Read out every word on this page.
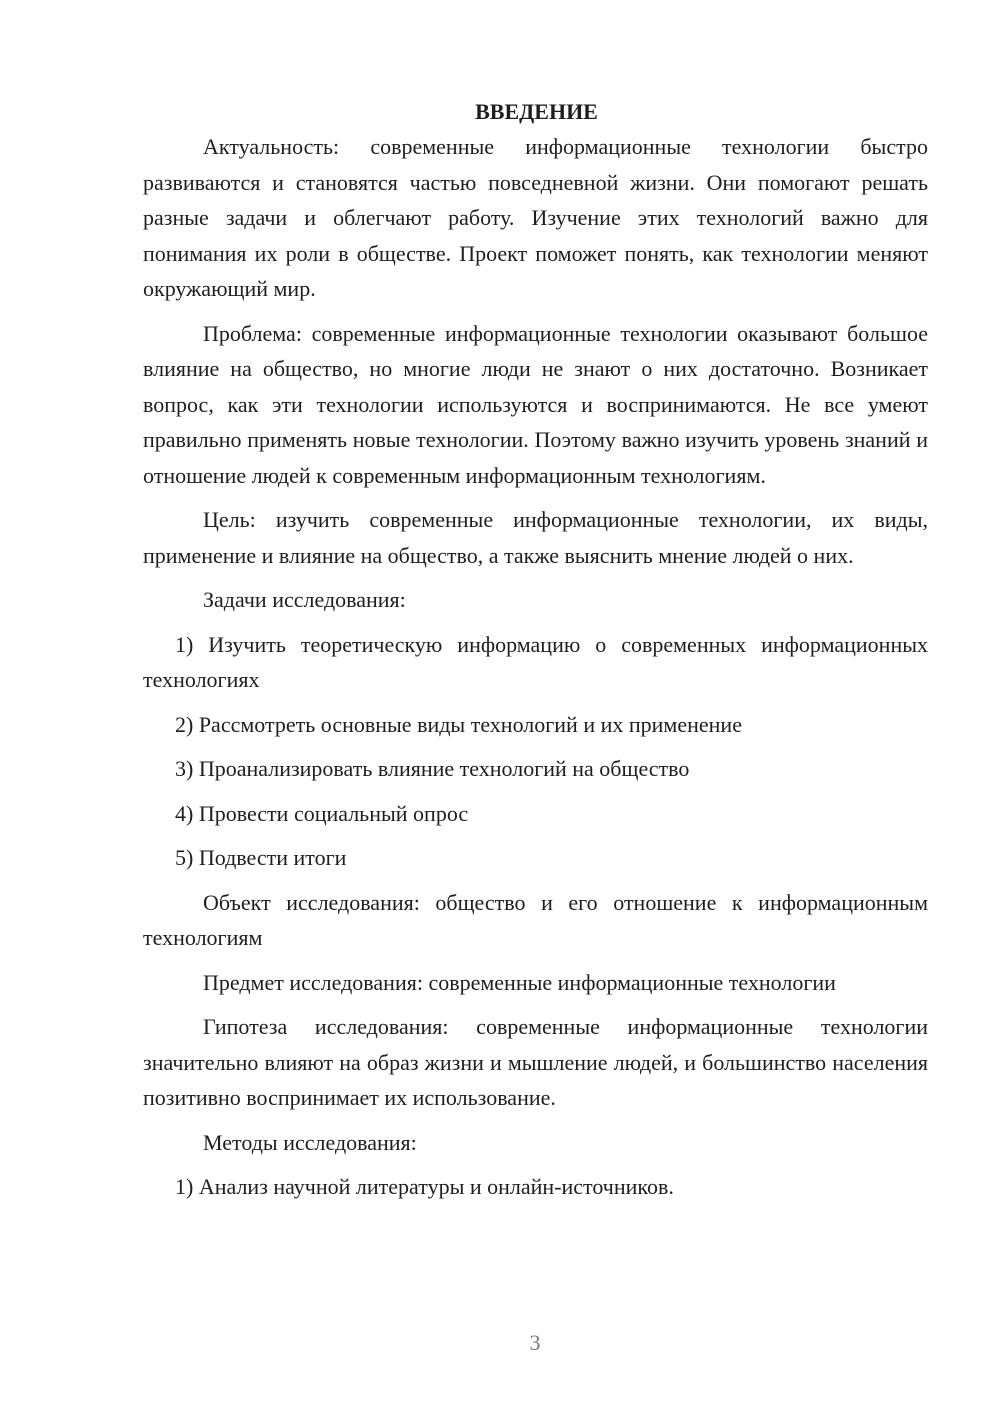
ВВЕДЕНИЕ

Актуальность: современные информационные технологии быстро развиваются и становятся частью повседневной жизни. Они помогают решать разные задачи и облегчают работу. Изучение этих технологий важно для понимания их роли в обществе. Проект поможет понять, как технологии меняют окружающий мир.

Проблема: современные информационные технологии оказывают большое влияние на общество, но многие люди не знают о них достаточно. Возникает вопрос, как эти технологии используются и воспринимаются. Не все умеют правильно применять новые технологии. Поэтому важно изучить уровень знаний и отношение людей к современным информационным технологиям.

Цель: изучить современные информационные технологии, их виды, применение и влияние на общество, а также выяснить мнение людей о них.

Задачи исследования:

1) Изучить теоретическую информацию о современных информационных технологиях

2) Рассмотреть основные виды технологий и их применение

3) Проанализировать влияние технологий на общество

4) Провести социальный опрос

5) Подвести итоги

Объект исследования: общество и его отношение к информационным технологиям

Предмет исследования: современные информационные технологии

Гипотеза исследования: современные информационные технологии значительно влияют на образ жизни и мышление людей, и большинство населения позитивно воспринимает их использование.

Методы исследования:

1) Анализ научной литературы и онлайн-источников.

3
